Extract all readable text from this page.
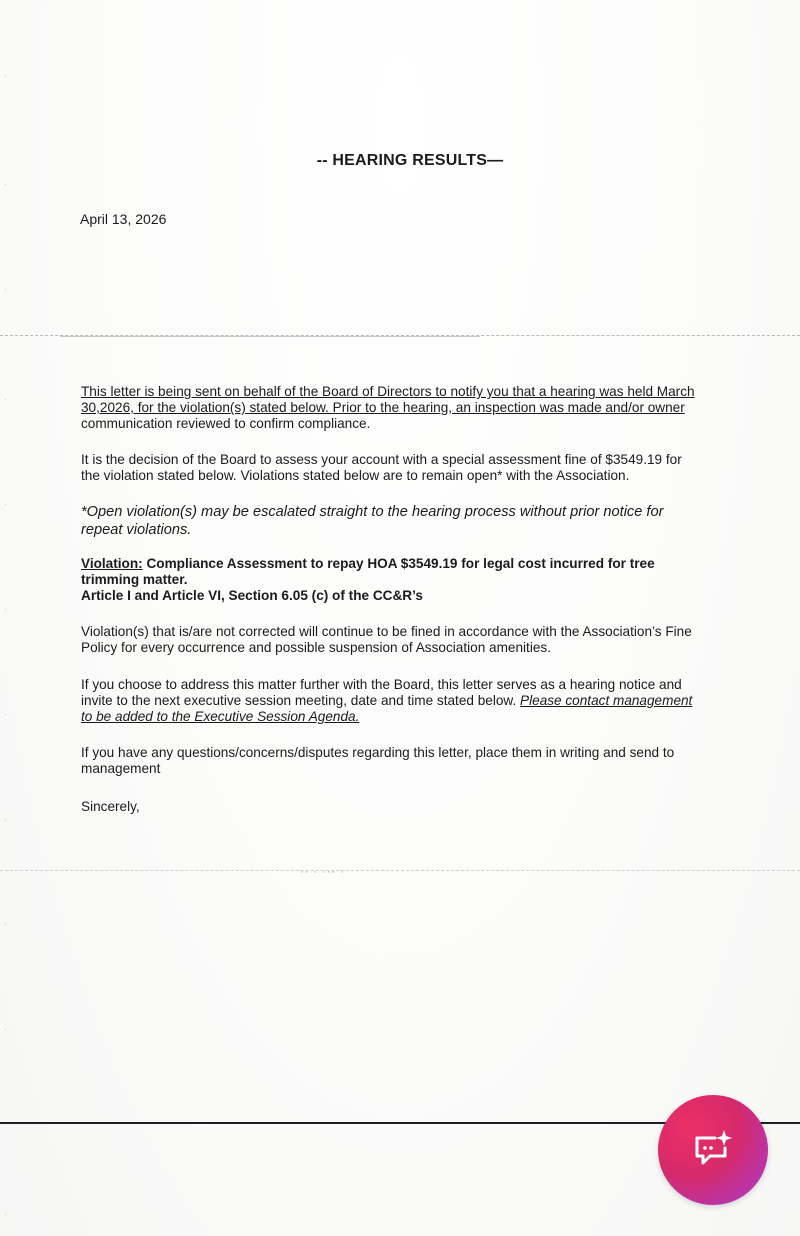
·
·
·
·
·
·
·
·
·
·
·
-- HEARING RESULTS—
April 13, 2026
This letter is being sent on behalf of the Board of Directors to notify you that a hearing was held March
30,2026, for the violation(s) stated below. Prior to the hearing, an inspection was made and/or owner
communication reviewed to confirm compliance.
It is the decision of the Board to assess your account with a special assessment fine of $3549.19 for
the violation stated below. Violations stated below are to remain open* with the Association.
*Open violation(s) may be escalated straight to the hearing process without prior notice for
repeat violations.
Violation: Compliance Assessment to repay HOA $3549.19 for legal cost incurred for tree
trimming matter.
Article I and Article VI, Section 6.05 (c) of the CC&R’s
Violation(s) that is/are not corrected will continue to be fined in accordance with the Association’s Fine
Policy for every occurrence and possible suspension of Association amenities.
If you choose to address this matter further with the Board, this letter serves as a hearing notice and
invite to the next executive session meeting, date and time stated below. Please contact management
to be added to the Executive Session Agenda.
If you have any questions/concerns/disputes regarding this letter, place them in writing and send to
management
Sincerely,
·· · ··· ·
